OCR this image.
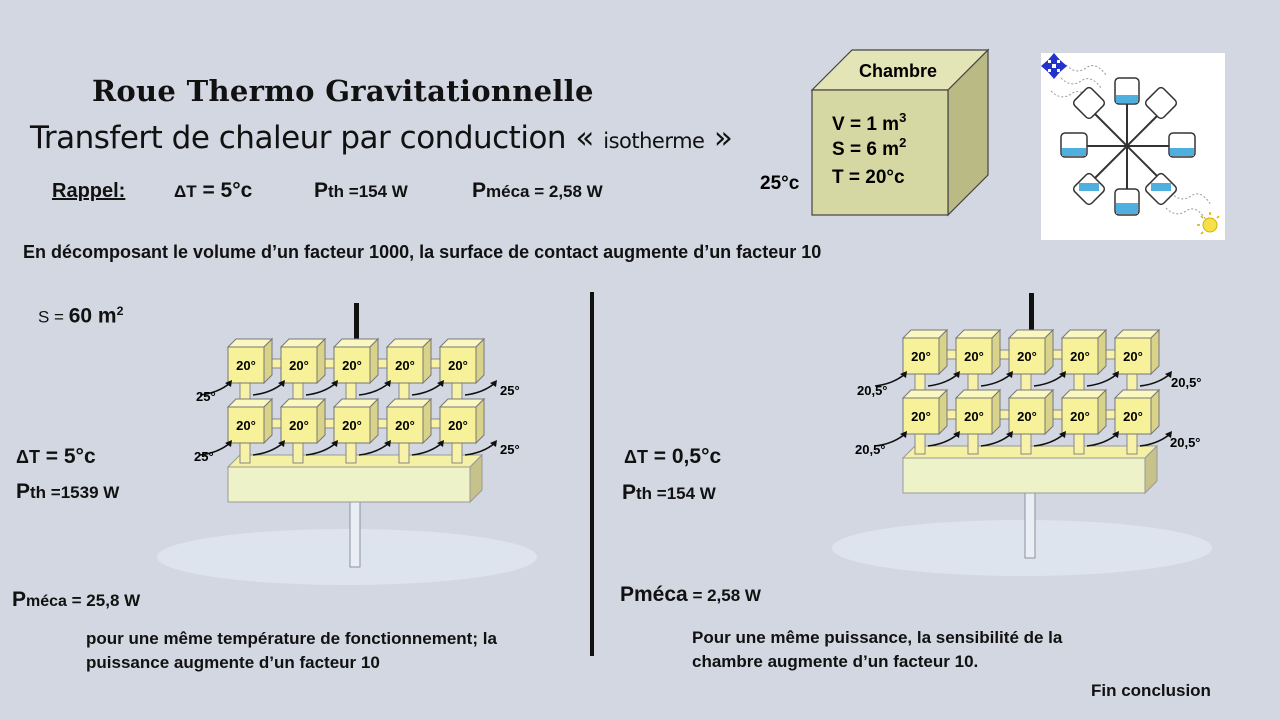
Roue Thermo Gravitationnelle
Transfert de chaleur par conduction « isotherme »
Rappel:	ΔT = 5°c	Pth =154 W	Pméca = 2,58 W
Chambre
25°c
V = 1 $m^3$
S = 6 $m^2$
T = 20°c
En décomposant le volume d’un facteur 1000, la surface de contact augmente d’un facteur 10
S = 60 $m^2$
ΔT = 5°c
Pth =1539 W
Pméca = 25,8 W
pour une même température de fonctionnement; la puissance augmente d’un facteur 10
ΔT = 0,5°c
Pth =154 W
Pméca = 2,58 W
Pour une même puissance, la sensibilité de la chambre augmente d’un facteur 10.
20°	20°	20°	20°	20°
20°	20°	20°	20°	20°
25°
25°
25°
25°
20°	20°	20°	20°	20°
20°	20°	20°	20°	20°
20,5°
20,5°
20,5°
20,5°
Fin conclusion
